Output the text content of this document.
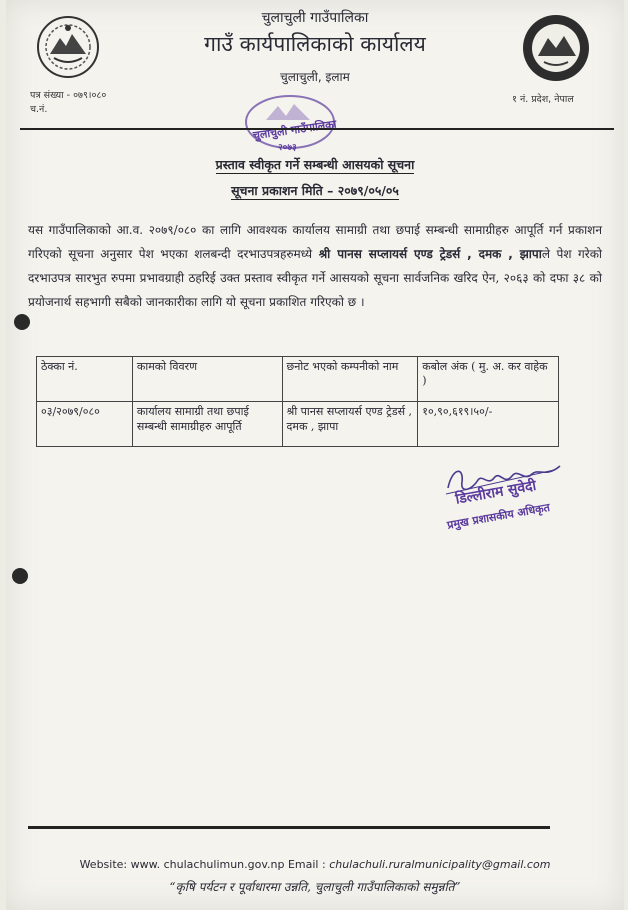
चुलाचुली गाउँपालिका
गाउँ कार्यपालिकाको कार्यालय
चुलाचुली, इलाम
पत्र संख्या - ०७९।०८०
च.नं.
१ नं. प्रदेश, नेपाल
चुलाचुली गाउँपालिका
२०७३
प्रस्ताव स्वीकृत गर्ने सम्बन्धी आसयको सूचना
सूचना प्रकाशन मिति – २०७९/०५/०५
यस गाउँपालिकाको आ.व. २०७९/०८० का लागि आवश्यक कार्यालय सामाग्री तथा छपाई सम्बन्धी सामाग्रीहरु आपूर्ति गर्न प्रकाशन गरिएको सूचना अनुसार पेश भएका शलबन्दी दरभाउपत्रहरुमध्ये श्री पानस सप्लायर्स एण्ड ट्रेडर्स , दमक , झापाले पेश गरेको दरभाउपत्र सारभुत रुपमा प्रभावग्राही ठहरिई उक्त प्रस्ताव स्वीकृत गर्ने आसयको सूचना सार्वजनिक खरिद ऐन, २०६३ को दफा ३८ को प्रयोजनार्थ सहभागी सबैको जानकारीका लागि यो सूचना प्रकाशित गरिएको छ ।
ठेक्का नं.	कामको विवरण	छनोट भएको कम्पनीको नाम	कबोल अंक ( मु. अ. कर वाहेक )
०३/२०७९/०८०	कार्यालय सामाग्री तथा छपाई सम्बन्धी सामाग्रीहरु आपूर्ति	श्री पानस सप्लायर्स एण्ड ट्रेडर्स , दमक , झापा	१०,९०,६१९।५०/-
डिल्लीराम सुवेदी
प्रमुख प्रशासकीय अधिकृत
Website: www. chulachulimun.gov.np Email : chulachuli.ruralmunicipality@gmail.com
“कृषि पर्यटन र पूर्वाधारमा उन्नति, चुलाचुली गाउँपालिकाको समुन्नति”
